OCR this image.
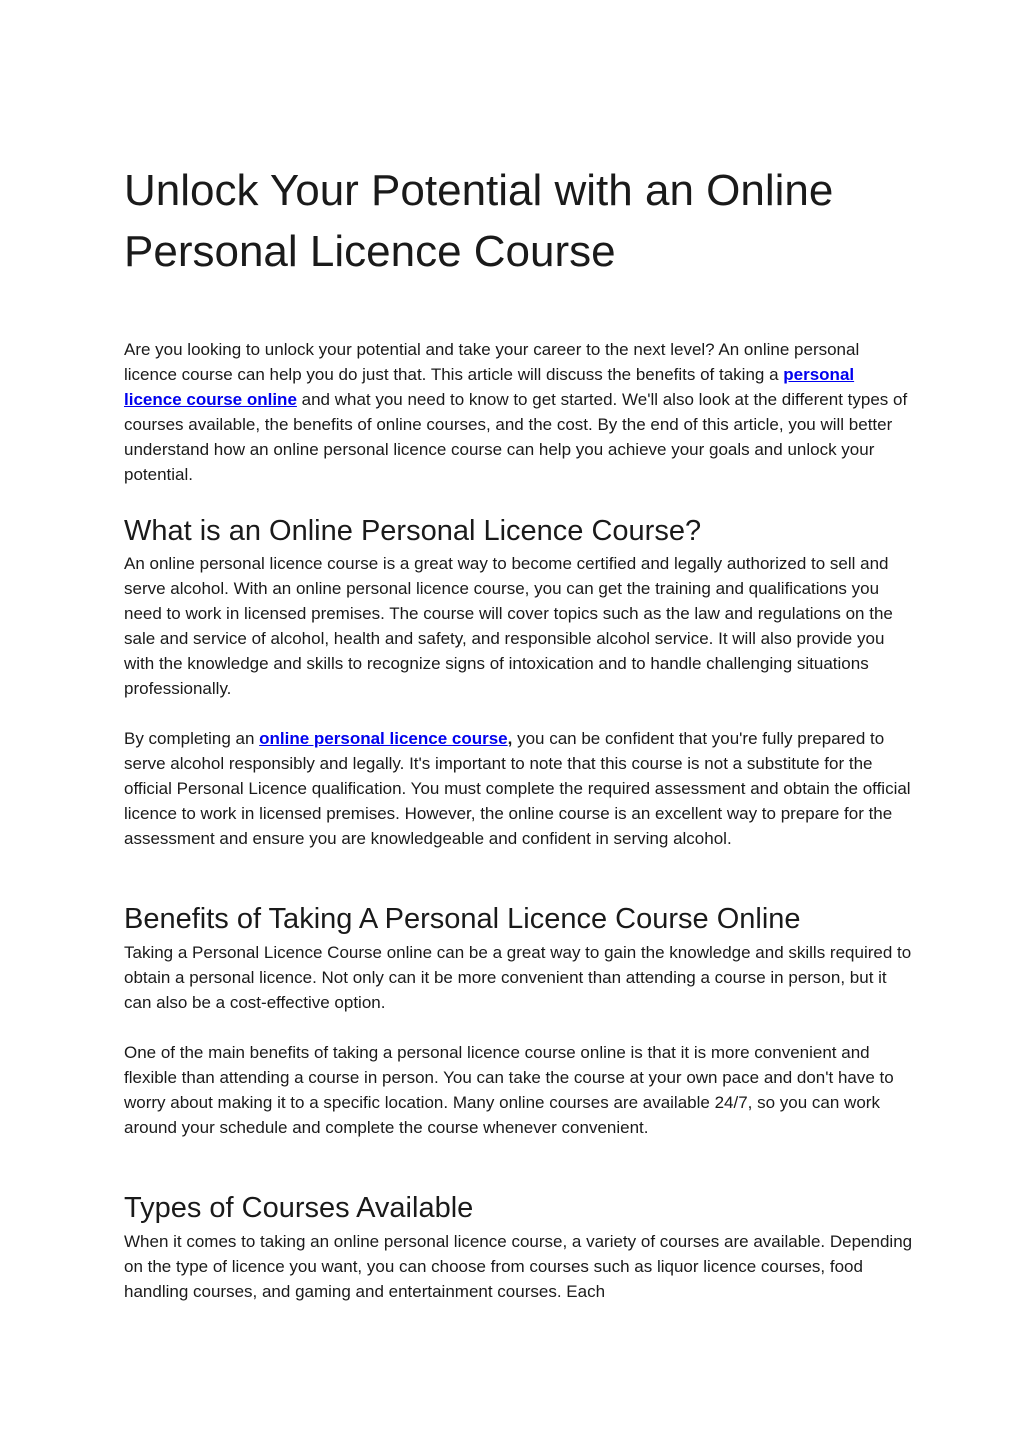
Unlock Your Potential with an Online Personal Licence Course

Are you looking to unlock your potential and take your career to the next level? An online personal licence course can help you do just that. This article will discuss the benefits of taking a personal licence course online and what you need to know to get started. We'll also look at the different types of courses available, the benefits of online courses, and the cost. By the end of this article, you will better understand how an online personal licence course can help you achieve your goals and unlock your potential.

What is an Online Personal Licence Course?

An online personal licence course is a great way to become certified and legally authorized to sell and serve alcohol. With an online personal licence course, you can get the training and qualifications you need to work in licensed premises. The course will cover topics such as the law and regulations on the sale and service of alcohol, health and safety, and responsible alcohol service. It will also provide you with the knowledge and skills to recognize signs of intoxication and to handle challenging situations professionally.

By completing an online personal licence course, you can be confident that you're fully prepared to serve alcohol responsibly and legally. It's important to note that this course is not a substitute for the official Personal Licence qualification. You must complete the required assessment and obtain the official licence to work in licensed premises. However, the online course is an excellent way to prepare for the assessment and ensure you are knowledgeable and confident in serving alcohol.

Benefits of Taking A Personal Licence Course Online

Taking a Personal Licence Course online can be a great way to gain the knowledge and skills required to obtain a personal licence. Not only can it be more convenient than attending a course in person, but it can also be a cost-effective option.

One of the main benefits of taking a personal licence course online is that it is more convenient and flexible than attending a course in person. You can take the course at your own pace and don't have to worry about making it to a specific location. Many online courses are available 24/7, so you can work around your schedule and complete the course whenever convenient.

Types of Courses Available

When it comes to taking an online personal licence course, a variety of courses are available. Depending on the type of licence you want, you can choose from courses such as liquor licence courses, food handling courses, and gaming and entertainment courses. Each
